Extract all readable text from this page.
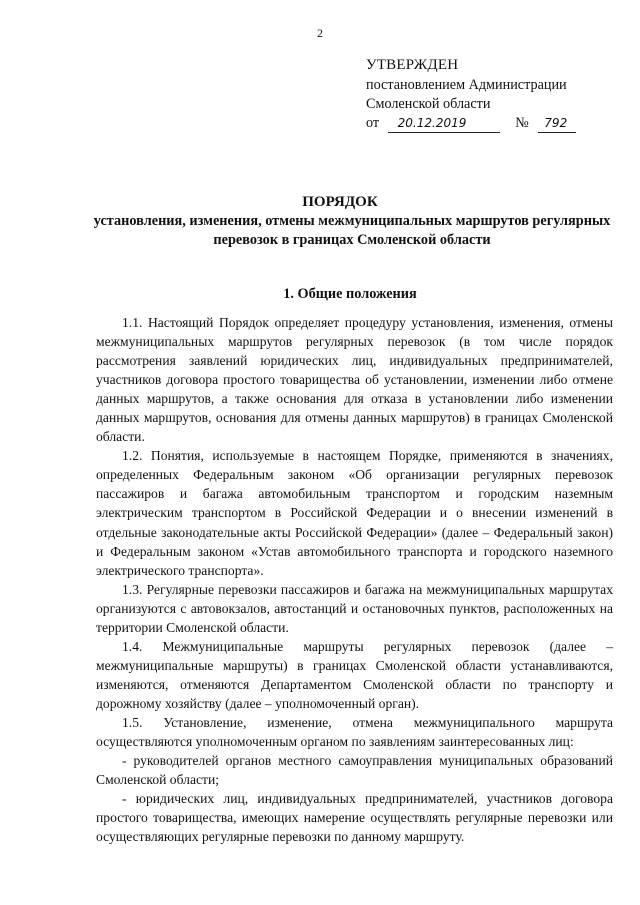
2
УТВЕРЖДЕН
постановлением Администрации
Смоленской области
от 20.12.2019	№ 792
ПОРЯДОК
установления, изменения, отмены межмуниципальных маршрутов регулярных перевозок в границах Смоленской области
1. Общие положения

1.1. Настоящий Порядок определяет процедуру установления, изменения, отмены межмуниципальных маршрутов регулярных перевозок (в том числе порядок рассмотрения заявлений юридических лиц, индивидуальных предпринимателей, участников договора простого товарищества об установлении, изменении либо отмене данных маршрутов, а также основания для отказа в установлении либо изменении данных маршрутов, основания для отмены данных маршрутов) в границах Смоленской области.

1.2. Понятия, используемые в настоящем Порядке, применяются в значениях, определенных Федеральным законом «Об организации регулярных перевозок пассажиров и багажа автомобильным транспортом и городским наземным электрическим транспортом в Российской Федерации и о внесении изменений в отдельные законодательные акты Российской Федерации» (далее – Федеральный закон) и Федеральным законом «Устав автомобильного транспорта и городского наземного электрического транспорта».

1.3. Регулярные перевозки пассажиров и багажа на межмуниципальных маршрутах организуются с автовокзалов, автостанций и остановочных пунктов, расположенных на территории Смоленской области.

1.4. Межмуниципальные маршруты регулярных перевозок (далее – межмуниципальные маршруты) в границах Смоленской области устанавливаются, изменяются, отменяются Департаментом Смоленской области по транспорту и дорожному хозяйству (далее – уполномоченный орган).

1.5. Установление, изменение, отмена межмуниципального маршрута осуществляются уполномоченным органом по заявлениям заинтересованных лиц:

- руководителей органов местного самоуправления муниципальных образований Смоленской области;

- юридических лиц, индивидуальных предпринимателей, участников договора простого товарищества, имеющих намерение осуществлять регулярные перевозки или осуществляющих регулярные перевозки по данному маршруту.
